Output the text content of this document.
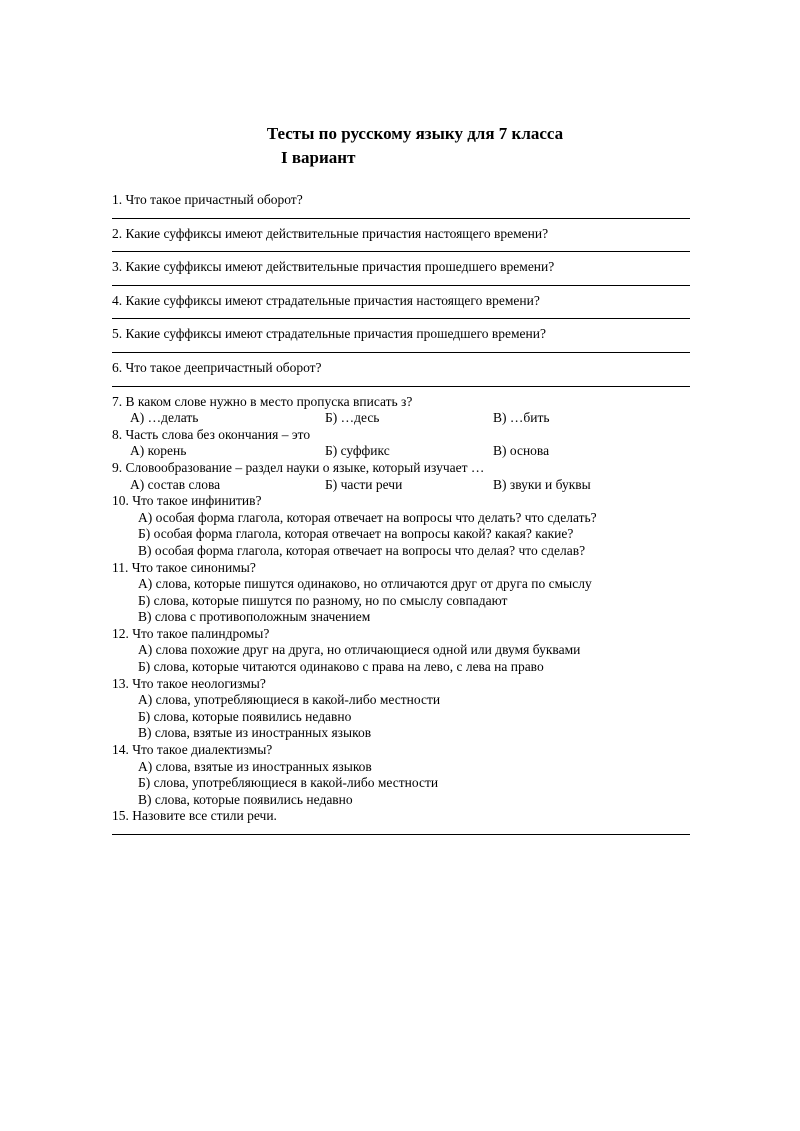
Тесты по русскому языку для 7 класса
I вариант
1. Что такое причастный оборот?
2. Какие суффиксы имеют действительные причастия настоящего времени?
3. Какие суффиксы имеют действительные причастия прошедшего времени?
4. Какие суффиксы имеют страдательные причастия настоящего времени?
5. Какие суффиксы имеют страдательные причастия прошедшего времени?
6. Что такое деепричастный оборот?
7. В каком слове нужно в место пропуска вписать з?
А) …делать	Б) …десь	В) …бить
8. Часть слова без окончания – это
А) корень	Б) суффикс	В) основа
9. Словообразование – раздел науки о языке, который изучает …
А) состав слова	Б) части речи	В) звуки и буквы
10. Что такое инфинитив?
А) особая форма глагола, которая отвечает на вопросы что делать? что сделать?
Б) особая форма глагола, которая отвечает на вопросы какой? какая? какие?
В) особая форма глагола, которая отвечает на вопросы что делая? что сделав?
11. Что такое синонимы?
А) слова, которые пишутся одинаково, но отличаются друг от друга по смыслу
Б) слова, которые пишутся по разному, но по смыслу совпадают
В) слова с противоположным значением
12. Что такое палиндромы?
А) слова похожие друг на друга, но отличающиеся одной или двумя буквами
Б) слова, которые читаются одинаково с права на лево, с лева на право
13. Что такое неологизмы?
А) слова, употребляющиеся в какой-либо местности
Б) слова, которые появились недавно
В) слова, взятые из иностранных языков
14. Что такое диалектизмы?
А) слова, взятые из иностранных языков
Б) слова, употребляющиеся в какой-либо местности
В) слова, которые появились недавно
15. Назовите все стили речи.
